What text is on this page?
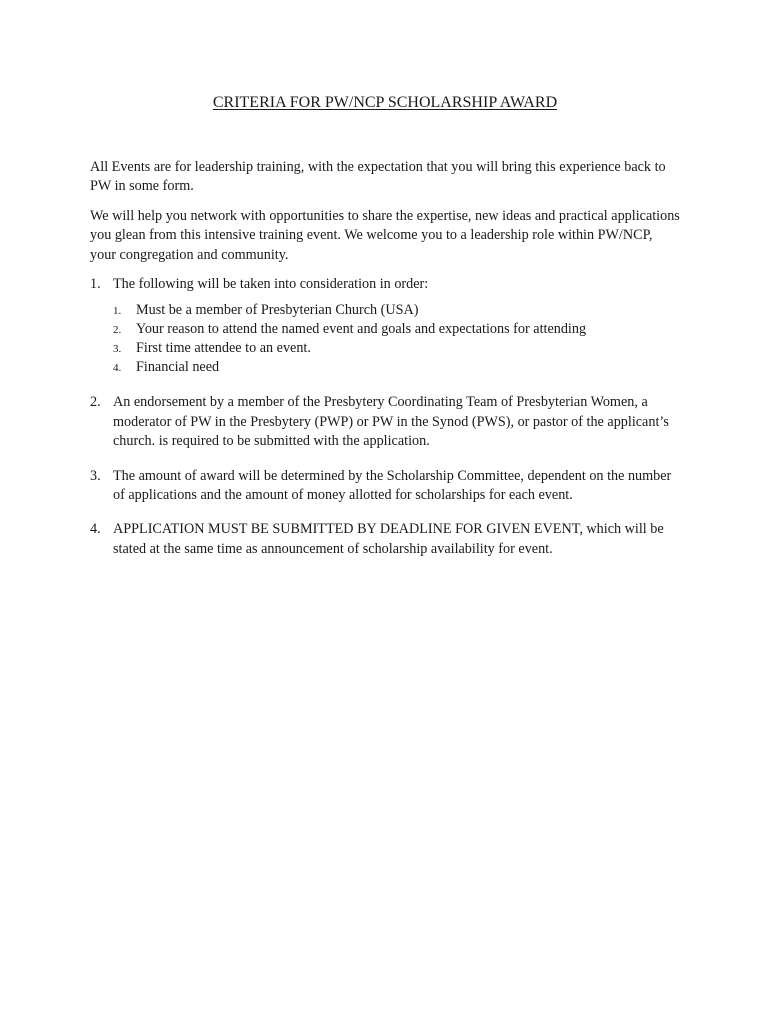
CRITERIA FOR PW/NCP SCHOLARSHIP AWARD

All Events are for leadership training, with the expectation that you will bring this experience back to PW in some form.

We will help you network with opportunities to share the expertise, new ideas and practical applications you glean from this intensive training event. We welcome you to a leadership role within PW/NCP, your congregation and community.

1. The following will be taken into consideration in order:
1. Must be a member of Presbyterian Church (USA)
2. Your reason to attend the named event and goals and expectations for attending
3. First time attendee to an event.
4. Financial need
2. An endorsement by a member of the Presbytery Coordinating Team of Presbyterian Women, a moderator of PW in the Presbytery (PWP) or PW in the Synod (PWS), or pastor of the applicant’s church. is required to be submitted with the application.
3. The amount of award will be determined by the Scholarship Committee, dependent on the number of applications and the amount of money allotted for scholarships for each event.
4. APPLICATION MUST BE SUBMITTED BY DEADLINE FOR GIVEN EVENT, which will be stated at the same time as announcement of scholarship availability for event.
